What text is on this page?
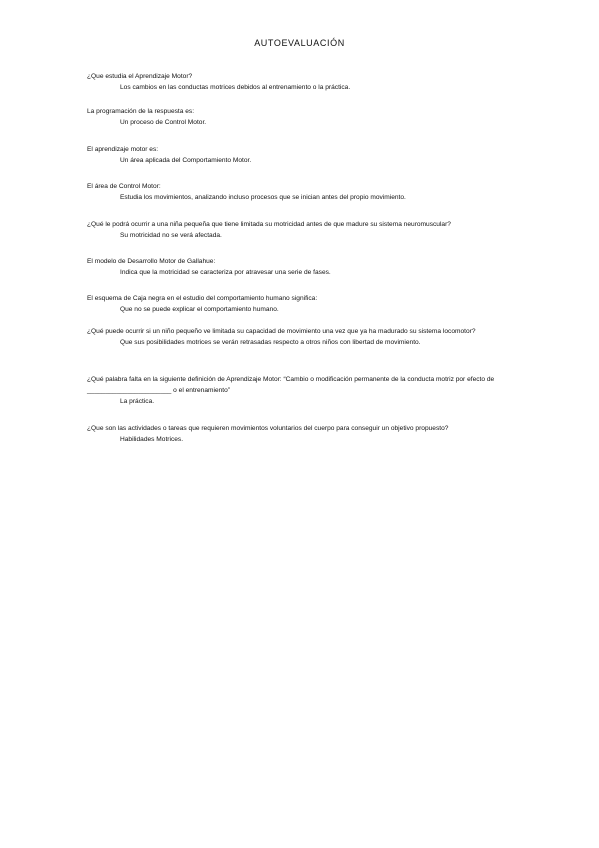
AUTOEVALUACIÓN

¿Que estudia el Aprendizaje Motor?

Los cambios en las conductas motrices debidos al entrenamiento o la práctica.

La programación de la respuesta es:

Un proceso de Control Motor.

El aprendizaje motor es:

Un área aplicada del Comportamiento Motor.

El área de Control Motor:

Estudia los movimientos, analizando incluso procesos que se inician antes del propio movimiento.

¿Qué le podrá ocurrir a una niña pequeña que tiene limitada su motricidad antes de que madure su sistema neuromuscular?

Su motricidad no se verá afectada.

El modelo de Desarrollo Motor de Gallahue:

Indica que la motricidad se caracteriza por atravesar una serie de fases.

El esquema de Caja negra en el estudio del comportamiento humano significa:

Que no se puede explicar el comportamiento humano.

¿Qué puede ocurrir si un niño pequeño ve limitada su capacidad de movimiento una vez que ya ha madurado su sistema locomotor?

Que sus posibilidades motrices se verán retrasadas respecto a otros niños con libertad de movimiento.

¿Qué palabra falta en la siguiente definición de Aprendizaje Motor: “Cambio o modificación permanente de la conducta motriz por efecto de _______________________ o el entrenamiento”

La práctica.

¿Que son las actividades o tareas que requieren movimientos voluntarios del cuerpo para conseguir un objetivo propuesto?

Habilidades Motrices.
